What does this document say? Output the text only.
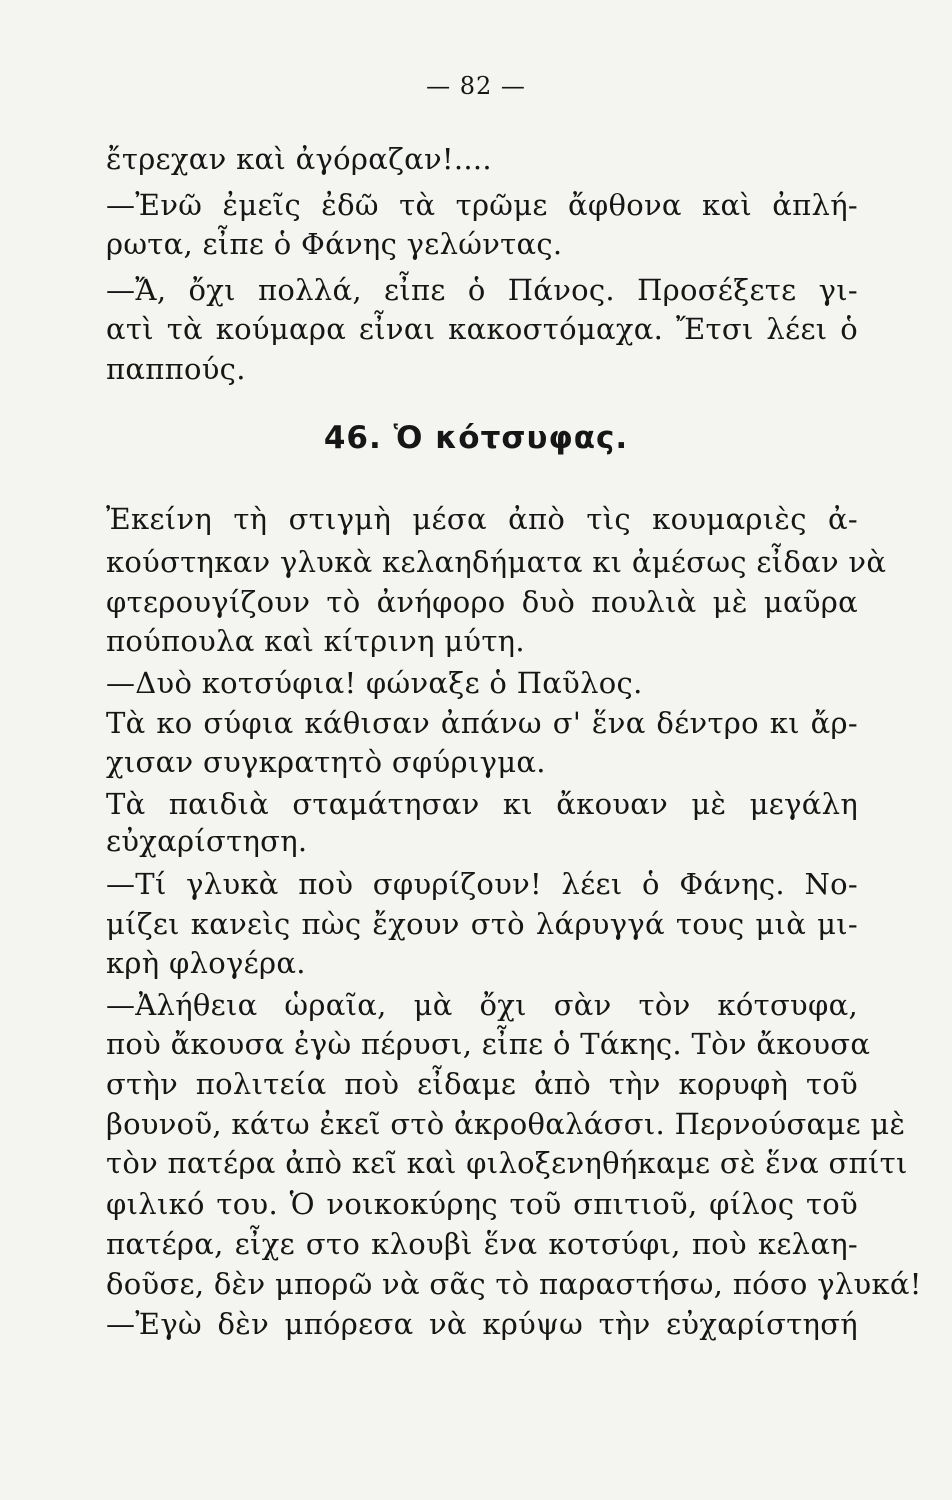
— 82 —
ἔτρεχαν καὶ ἀγόραζαν!....
—Ἐνῶ ἐμεῖς ἐδῶ τὰ τρῶμε ἄφθονα καὶ ἀπλή-
ρωτα, εἶπε ὁ Φάνης γελώντας.
—Ἄ, ὄχι πολλά, εἶπε ὁ Πάνος. Προσέξετε γι-
ατὶ τὰ κούμαρα εἶναι κακοστόμαχα. Ἔτσι λέει ὁ
παππούς.
46. Ὁ κότσυφας.
Ἐκείνη τὴ στιγμὴ μέσα ἀπὸ τὶς κουμαριὲς ἀ-
κούστηκαν γλυκὰ κελαηδήματα κι ἀμέσως εἶδαν νὰ
φτερουγίζουν τὸ ἀνήφορο δυὸ πουλιὰ μὲ μαῦρα
πούπουλα καὶ κίτρινη μύτη.
—Δυὸ κοτσύφια! φώναξε ὁ Παῦλος.
Τὰ κο σύφια κάθισαν ἀπάνω σ' ἕνα δέντρο κι ἄρ-
χισαν συγκρατητὸ σφύριγμα.
Τὰ παιδιὰ σταμάτησαν κι ἄκουαν μὲ μεγάλη
εὐχαρίστηση.
—Τί γλυκὰ ποὺ σφυρίζουν! λέει ὁ Φάνης. Νο-
μίζει κανεὶς πὼς ἔχουν στὸ λάρυγγά τους μιὰ μι-
κρὴ φλογέρα.
—Ἀλήθεια ὡραῖα, μὰ ὄχι σὰν τὸν κότσυφα,
ποὺ ἄκουσα ἐγὼ πέρυσι, εἶπε ὁ Τάκης. Τὸν ἄκουσα
στὴν πολιτεία ποὺ εἶδαμε ἀπὸ τὴν κορυφὴ τοῦ
βουνοῦ, κάτω ἐκεῖ στὸ ἀκροθαλάσσι. Περνούσαμε μὲ
τὸν πατέρα ἀπὸ κεῖ καὶ φιλοξενηθήκαμε σὲ ἕνα σπίτι
φιλικό του. Ὁ νοικοκύρης τοῦ σπιτιοῦ, φίλος τοῦ
πατέρα, εἶχε στο κλουβὶ ἕνα κοτσύφι, ποὺ κελαη-
δοῦσε, δὲν μπορῶ νὰ σᾶς τὸ παραστήσω, πόσο γλυκά!
—Ἐγὼ δὲν μπόρεσα νὰ κρύψω τὴν εὐχαρίστησή
